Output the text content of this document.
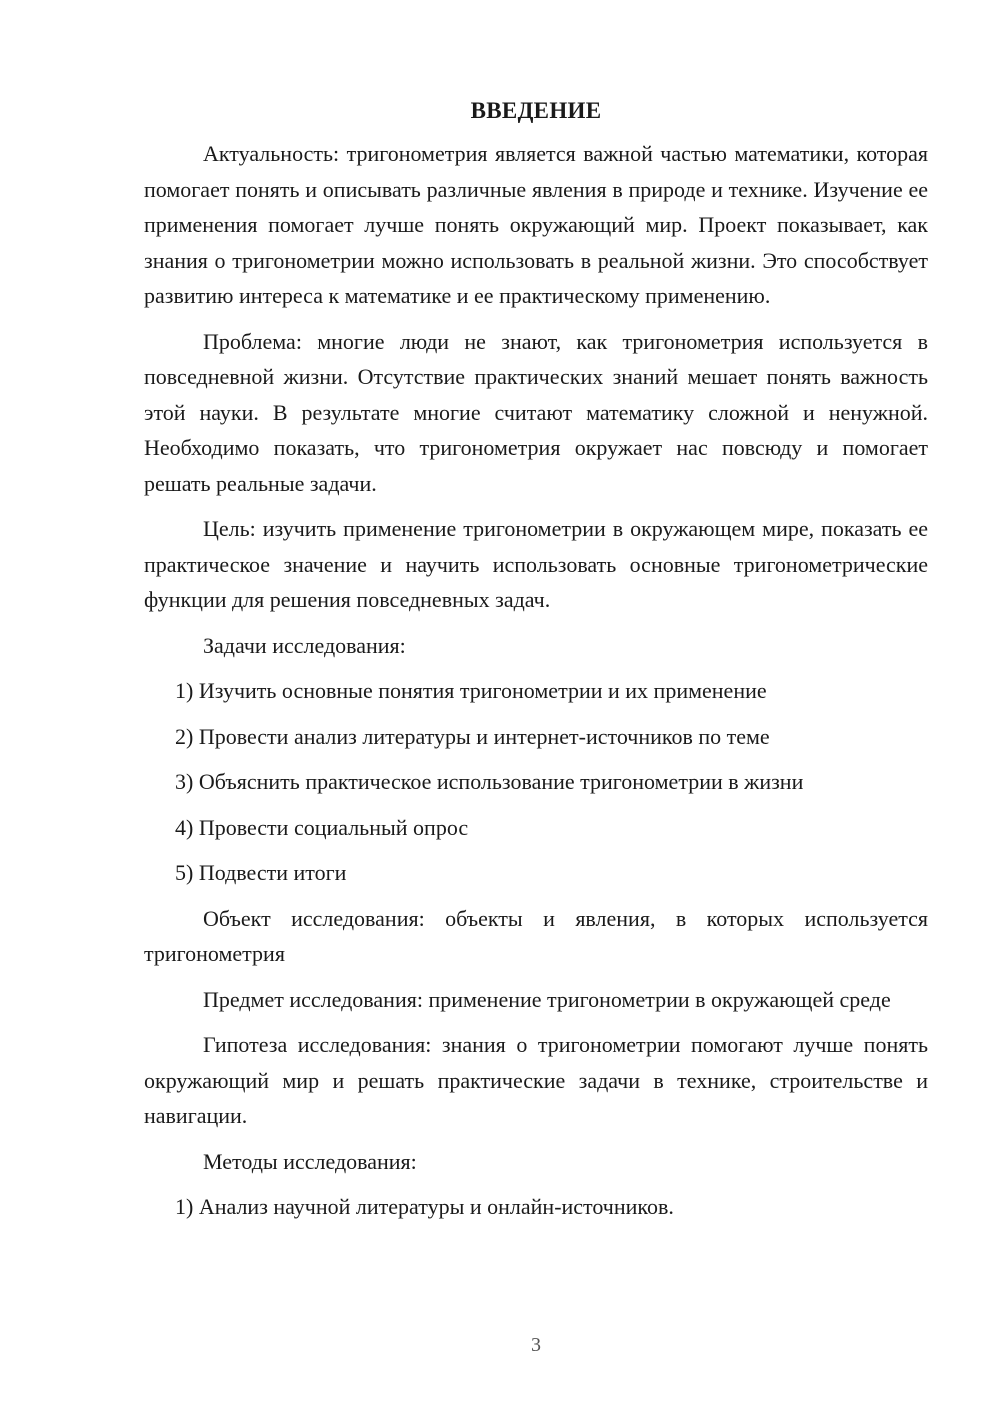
ВВЕДЕНИЕ

Актуальность: тригонометрия является важной частью математики, которая помогает понять и описывать различные явления в природе и технике. Изучение ее применения помогает лучше понять окружающий мир. Проект показывает, как знания о тригонометрии можно использовать в реальной жизни. Это способствует развитию интереса к математике и ее практическому применению.

Проблема: многие люди не знают, как тригонометрия используется в повседневной жизни. Отсутствие практических знаний мешает понять важность этой науки. В результате многие считают математику сложной и ненужной. Необходимо показать, что тригонометрия окружает нас повсюду и помогает решать реальные задачи.

Цель: изучить применение тригонометрии в окружающем мире, показать ее практическое значение и научить использовать основные тригонометрические функции для решения повседневных задач.

Задачи исследования:

1) Изучить основные понятия тригонометрии и их применение
2) Провести анализ литературы и интернет-источников по теме
3) Объяснить практическое использование тригонометрии в жизни
4) Провести социальный опрос
5) Подвести итоги

Объект исследования: объекты и явления, в которых используется тригонометрия

Предмет исследования: применение тригонометрии в окружающей среде

Гипотеза исследования: знания о тригонометрии помогают лучше понять окружающий мир и решать практические задачи в технике, строительстве и навигации.

Методы исследования:

1) Анализ научной литературы и онлайн-источников.
3
